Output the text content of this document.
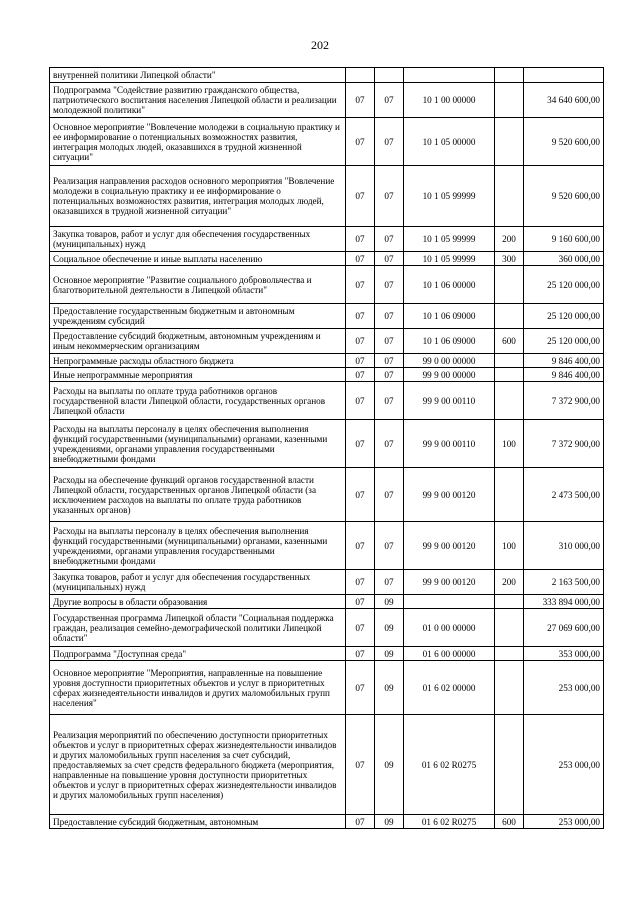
202
внутренней политики Липецкой области"					
Подпрограмма "Содействие развитию гражданского общества, патриотического воспитания населения Липецкой области и реализации молодежной политики"	07	07	10 1 00 00000		34 640 600,00
Основное мероприятие "Вовлечение молодежи в социальную практику и ее информирование о потенциальных возможностях развития, интеграция молодых людей, оказавшихся в трудной жизненной ситуации"	07	07	10 1 05 00000		9 520 600,00
Реализация направления расходов основного мероприятия "Вовлечение молодежи в социальную практику и ее информирование о потенциальных возможностях развития, интеграция молодых людей, оказавшихся в трудной жизненной ситуации"	07	07	10 1 05 99999		9 520 600,00
Закупка товаров, работ и услуг для обеспечения государственных (муниципальных) нужд	07	07	10 1 05 99999	200	9 160 600,00
Социальное обеспечение и иные выплаты населению	07	07	10 1 05 99999	300	360 000,00
Основное мероприятие "Развитие социального добровольчества и благотворительной деятельности в Липецкой области"	07	07	10 1 06 00000		25 120 000,00
Предоставление государственным бюджетным и автономным учреждениям субсидий	07	07	10 1 06 09000		25 120 000,00
Предоставление субсидий бюджетным, автономным учреждениям и иным некоммерческим организациям	07	07	10 1 06 09000	600	25 120 000,00
Непрограммные расходы областного бюджета	07	07	99 0 00 00000		9 846 400,00
Иные непрограммные мероприятия	07	07	99 9 00 00000		9 846 400,00
Расходы на выплаты по оплате труда работников органов государственной власти Липецкой области, государственных органов Липецкой области	07	07	99 9 00 00110		7 372 900,00
Расходы на выплаты персоналу в целях обеспечения выполнения функций государственными (муниципальными) органами, казенными учреждениями, органами управления государственными внебюджетными фондами	07	07	99 9 00 00110	100	7 372 900,00
Расходы на обеспечение функций органов государственной власти Липецкой области, государственных органов Липецкой области (за исключением расходов на выплаты по оплате труда работников указанных органов)	07	07	99 9 00 00120		2 473 500,00
Расходы на выплаты персоналу в целях обеспечения выполнения функций государственными (муниципальными) органами, казенными учреждениями, органами управления государственными внебюджетными фондами	07	07	99 9 00 00120	100	310 000,00
Закупка товаров, работ и услуг для обеспечения государственных (муниципальных) нужд	07	07	99 9 00 00120	200	2 163 500,00
Другие вопросы в области образования	07	09			333 894 000,00
Государственная программа Липецкой области "Социальная поддержка граждан, реализация семейно-демографической политики Липецкой области"	07	09	01 0 00 00000		27 069 600,00
Подпрограмма "Доступная среда"	07	09	01 6 00 00000		353 000,00
Основное мероприятие "Мероприятия, направленные на повышение уровня доступности приоритетных объектов и услуг в приоритетных сферах жизнедеятельности инвалидов и других маломобильных групп населения"	07	09	01 6 02 00000		253 000,00
Реализация мероприятий по обеспечению доступности приоритетных объектов и услуг в приоритетных сферах жизнедеятельности инвалидов и других маломобильных групп населения за счет субсидий, предоставляемых за счет средств федерального бюджета (мероприятия, направленные на повышение уровня доступности приоритетных объектов и услуг в приоритетных сферах жизнедеятельности инвалидов и других маломобильных групп населения)	07	09	01 6 02 R0275		253 000,00
Предоставление субсидий бюджетным, автономным	07	09	01 6 02 R0275	600	253 000,00
